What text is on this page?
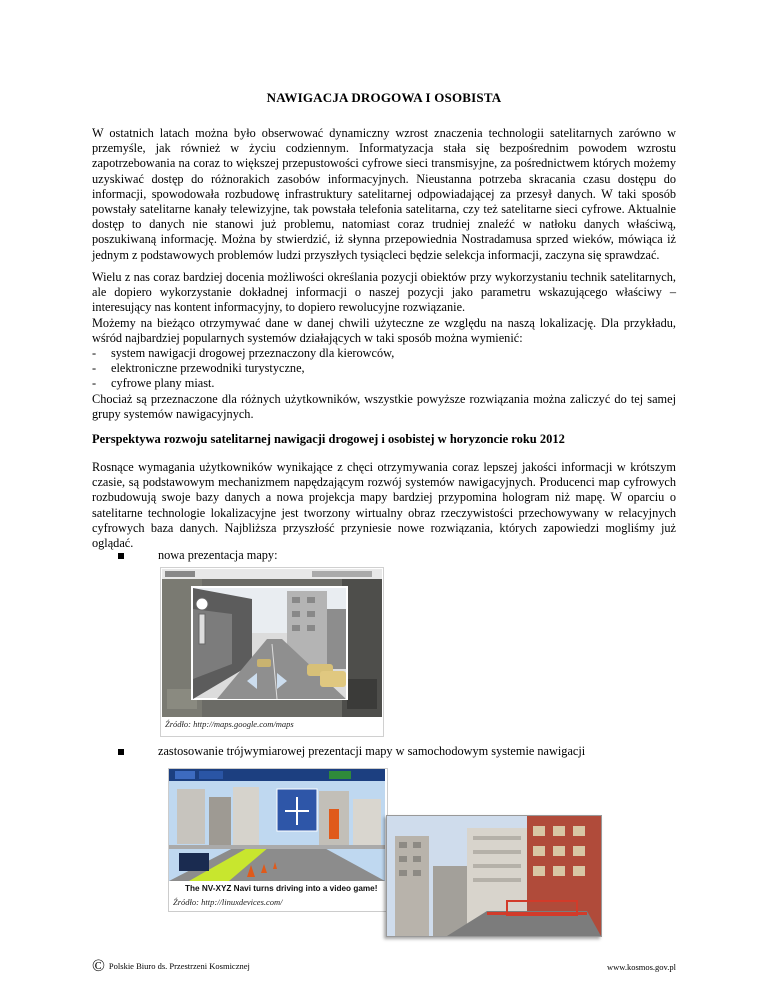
NAWIGACJA DROGOWA I OSOBISTA

W ostatnich latach można było obserwować dynamiczny wzrost znaczenia technologii satelitarnych zarówno w przemyśle, jak również w życiu codziennym. Informatyzacja stała się bezpośrednim powodem wzrostu zapotrzebowania na coraz to większej przepustowości cyfrowe sieci transmisyjne, za pośrednictwem których możemy uzyskiwać dostęp do różnorakich zasobów informacyjnych. Nieustanna potrzeba skracania czasu dostępu do informacji, spowodowała rozbudowę infrastruktury satelitarnej odpowiadającej za przesył danych. W taki sposób powstały satelitarne kanały telewizyjne, tak powstała telefonia satelitarna, czy też satelitarne sieci cyfrowe. Aktualnie dostęp to danych nie stanowi już problemu, natomiast coraz trudniej znaleźć w natłoku danych właściwą, poszukiwaną informację. Można by stwierdzić, iż słynna przepowiednia Nostradamusa sprzed wieków, mówiąca iż jednym z podstawowych problemów ludzi przyszłych tysiącleci będzie selekcja informacji, zaczyna się sprawdzać.

Wielu z nas coraz bardziej docenia możliwości określania pozycji obiektów przy wykorzystaniu technik satelitarnych, ale dopiero wykorzystanie dokładnej informacji o naszej pozycji jako parametru wskazującego właściwy – interesujący nas kontent informacyjny, to dopiero rewolucyjne rozwiązanie.
Możemy na bieżąco otrzymywać dane w danej chwili użyteczne ze względu na naszą lokalizację. Dla przykładu, wśród najbardziej popularnych systemów działających w taki sposób można wymienić:
- system nawigacji drogowej przeznaczony dla kierowców,
- elektroniczne przewodniki turystyczne,
- cyfrowe plany miast.
Chociaż są przeznaczone dla różnych użytkowników, wszystkie powyższe rozwiązania można zaliczyć do tej samej grupy systemów nawigacyjnych.
Perspektywa rozwoju satelitarnej nawigacji drogowej i osobistej w horyzoncie roku 2012

Rosnące wymagania użytkowników wynikające z chęci otrzymywania coraz lepszej jakości informacji w krótszym czasie, są podstawowym mechanizmem napędzającym rozwój systemów nawigacyjnych. Producenci map cyfrowych rozbudowują swoje bazy danych a nowa projekcja mapy bardziej przypomina hologram niż mapę. W oparciu o satelitarne technologie lokalizacyjne jest tworzony wirtualny obraz rzeczywistości przechowywany w relacyjnych cyfrowych baza danych. Najbliższa przyszłość przyniesie nowe rozwiązania, których zapowiedzi mogliśmy już oglądać.

nowa prezentacja mapy:
Źródło: http://maps.google.com/maps
zastosowanie trójwymiarowej prezentacji mapy w samochodowym systemie nawigacji
The NV-XYZ Navi turns driving into a video game!
Źródło: http://linuxdevices.com/
© Polskie Biuro ds. Przestrzeni Kosmicznej	www.kosmos.gov.pl
